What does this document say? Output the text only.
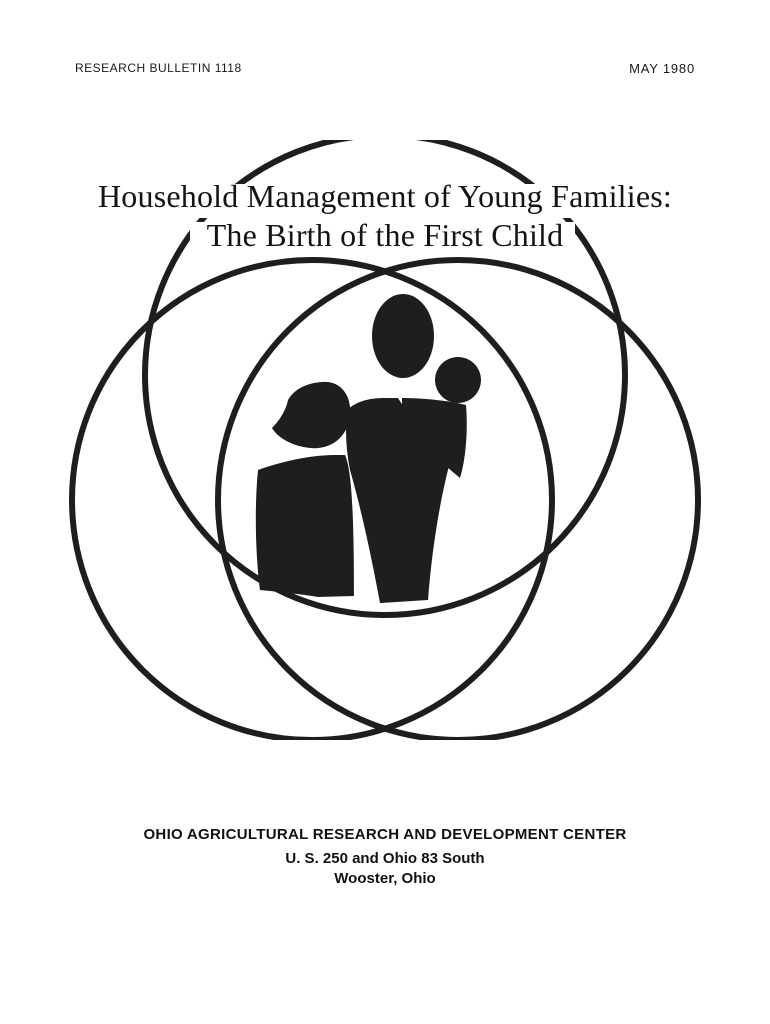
RESEARCH BULLETIN 1118	MAY 1980
Household Management of Young Families:
The Birth of the First Child
OHIO AGRICULTURAL RESEARCH AND DEVELOPMENT CENTER
U. S. 250 and Ohio 83 South
Wooster, Ohio
